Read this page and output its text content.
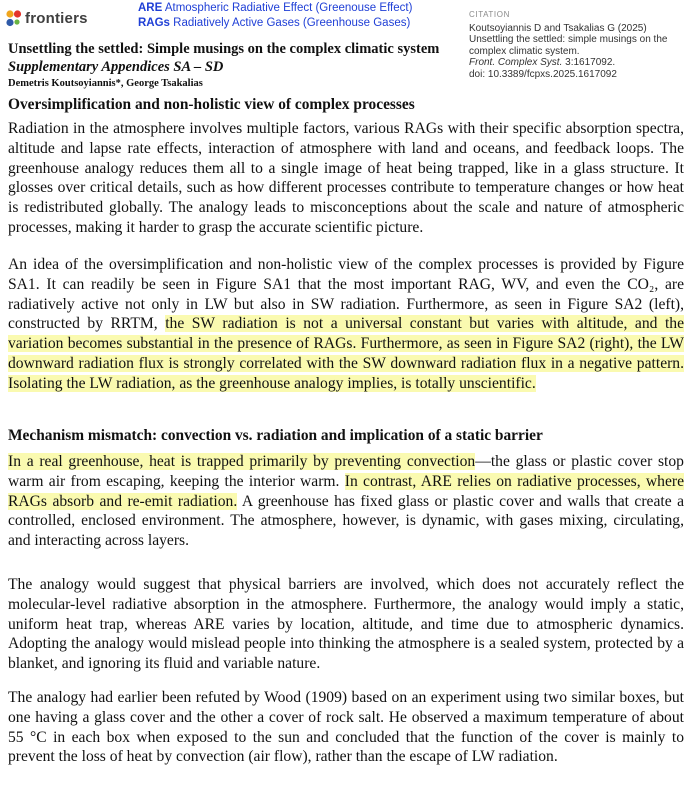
frontiers
ARE Atmospheric Radiative Effect (Greenouse Effect)
RAGs Radiatively Active Gases (Greenhouse Gases)
CITATION
Koutsoyiannis D and Tsakalias G (2025)
Unsettling the settled: simple musings on the complex climatic system.
Front. Complex Syst. 3:1617092.
doi: 10.3389/fcpxs.2025.1617092
Unsettling the settled: Simple musings on the complex climatic system
Supplementary Appendices SA – SD
Demetris Koutsoyiannis*, George Tsakalias
Oversimplification and non-holistic view of complex processes

Radiation in the atmosphere involves multiple factors, various RAGs with their specific absorption spectra, altitude and lapse rate effects, interaction of atmosphere with land and oceans, and feedback loops. The greenhouse analogy reduces them all to a single image of heat being trapped, like in a glass structure. It glosses over critical details, such as how different processes contribute to temperature changes or how heat is redistributed globally. The analogy leads to misconceptions about the scale and nature of atmospheric processes, making it harder to grasp the accurate scientific picture.

An idea of the oversimplification and non-holistic view of the complex processes is provided by Figure SA1. It can readily be seen in Figure SA1 that the most important RAG, WV, and even the CO₂, are radiatively active not only in LW but also in SW radiation. Furthermore, as seen in Figure SA2 (left), constructed by RRTM, the SW radiation is not a universal constant but varies with altitude, and the variation becomes substantial in the presence of RAGs. Furthermore, as seen in Figure SA2 (right), the LW downward radiation flux is strongly correlated with the SW downward radiation flux in a negative pattern. Isolating the LW radiation, as the greenhouse analogy implies, is totally unscientific.

Mechanism mismatch: convection vs. radiation and implication of a static barrier

In a real greenhouse, heat is trapped primarily by preventing convection—the glass or plastic cover stop warm air from escaping, keeping the interior warm. In contrast, ARE relies on radiative processes, where RAGs absorb and re-emit radiation. A greenhouse has fixed glass or plastic cover and walls that create a controlled, enclosed environment. The atmosphere, however, is dynamic, with gases mixing, circulating, and interacting across layers.

The analogy would suggest that physical barriers are involved, which does not accurately reflect the molecular-level radiative absorption in the atmosphere. Furthermore, the analogy would imply a static, uniform heat trap, whereas ARE varies by location, altitude, and time due to atmospheric dynamics. Adopting the analogy would mislead people into thinking the atmosphere is a sealed system, protected by a blanket, and ignoring its fluid and variable nature.

The analogy had earlier been refuted by Wood (1909) based on an experiment using two similar boxes, but one having a glass cover and the other a cover of rock salt. He observed a maximum temperature of about 55 °C in each box when exposed to the sun and concluded that the function of the cover is mainly to prevent the loss of heat by convection (air flow), rather than the escape of LW radiation.
